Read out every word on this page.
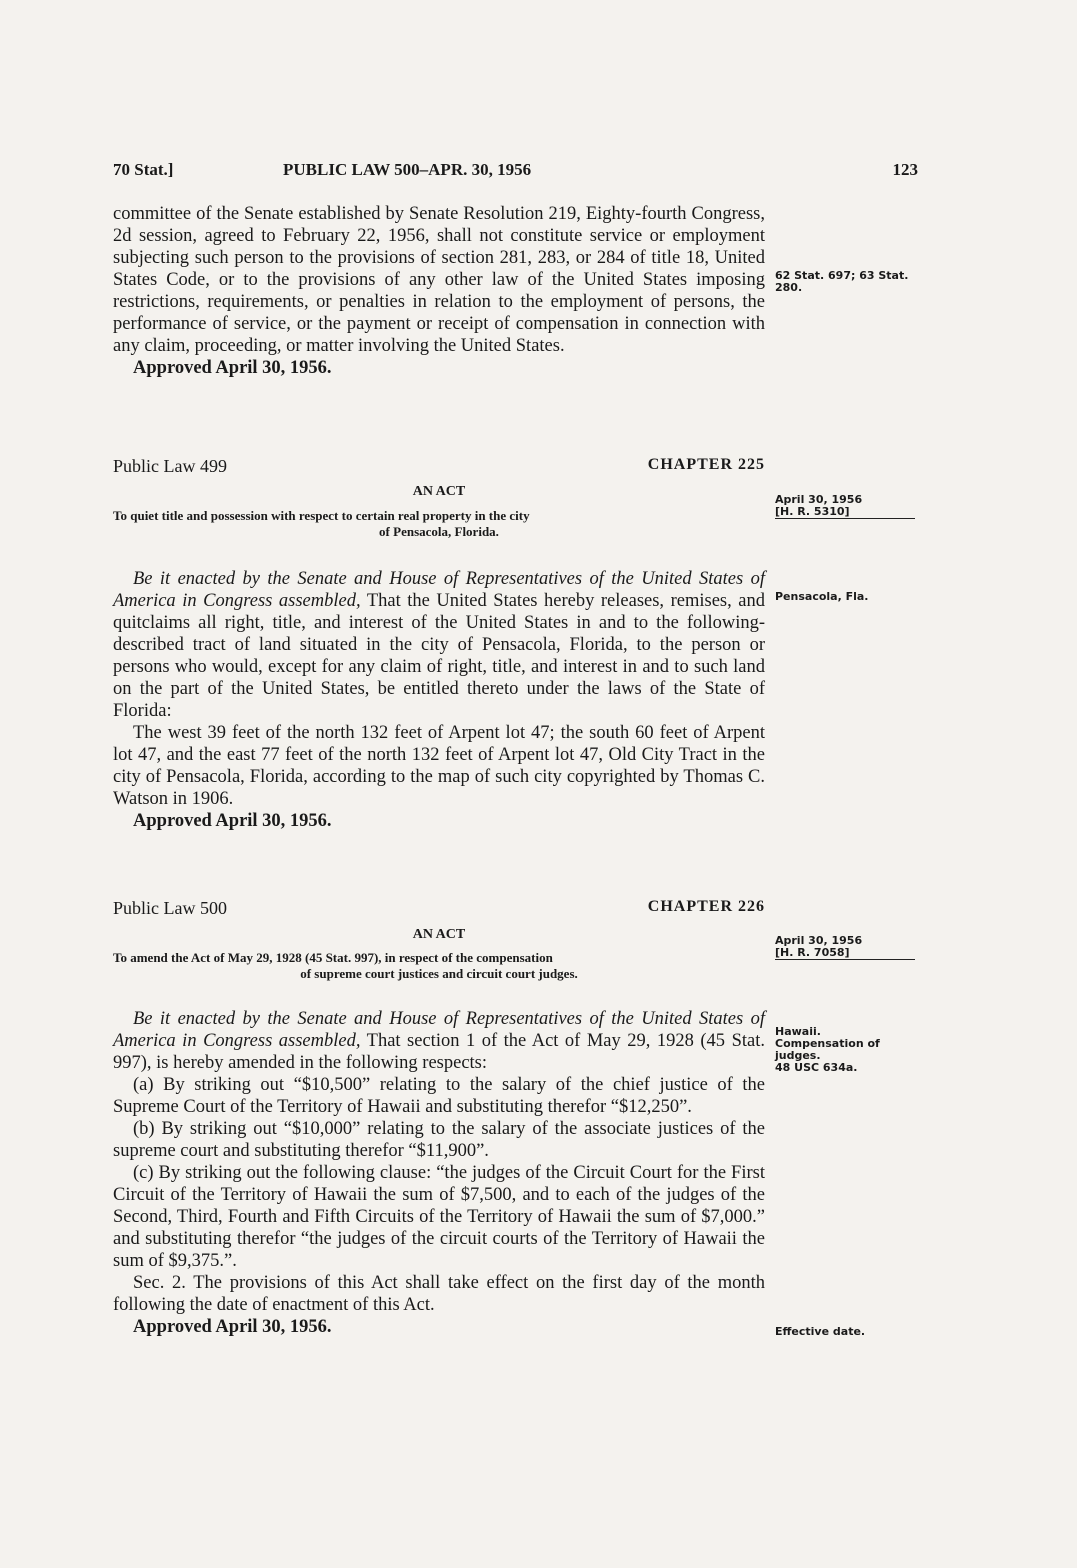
70 Stat.]	PUBLIC LAW 500–APR. 30, 1956	123

committee of the Senate established by Senate Resolution 219, Eighty-fourth Congress, 2d session, agreed to February 22, 1956, shall not constitute service or employment subjecting such person to the provisions of section 281, 283, or 284 of title 18, United States Code, or to the provisions of any other law of the United States imposing restrictions, requirements, or penalties in relation to the employment of persons, the performance of service, or the payment or receipt of compensation in connection with any claim, proceeding, or matter involving the United States.

Approved April 30, 1956.

62 Stat. 697; 63 Stat. 280.
Public Law 499	CHAPTER 225
AN ACT
To quiet title and possession with respect to certain real property in the city
of Pensacola, Florida.
April 30, 1956
[H. R. 5310]

Be it enacted by the Senate and House of Representatives of the United States of America in Congress assembled, That the United States hereby releases, remises, and quitclaims all right, title, and interest of the United States in and to the following-described tract of land situated in the city of Pensacola, Florida, to the person or persons who would, except for any claim of right, title, and interest in and to such land on the part of the United States, be entitled thereto under the laws of the State of Florida:

The west 39 feet of the north 132 feet of Arpent lot 47; the south 60 feet of Arpent lot 47, and the east 77 feet of the north 132 feet of Arpent lot 47, Old City Tract in the city of Pensacola, Florida, according to the map of such city copyrighted by Thomas C. Watson in 1906.

Approved April 30, 1956.

Pensacola, Fla.
Public Law 500	CHAPTER 226
AN ACT
To amend the Act of May 29, 1928 (45 Stat. 997), in respect of the compensation
of supreme court justices and circuit court judges.
April 30, 1956
[H. R. 7058]

Be it enacted by the Senate and House of Representatives of the United States of America in Congress assembled, That section 1 of the Act of May 29, 1928 (45 Stat. 997), is hereby amended in the following respects:

(a) By striking out “$10,500” relating to the salary of the chief justice of the Supreme Court of the Territory of Hawaii and substituting therefor “$12,250”.

(b) By striking out “$10,000” relating to the salary of the associate justices of the supreme court and substituting therefor “$11,900”.

(c) By striking out the following clause: “the judges of the Circuit Court for the First Circuit of the Territory of Hawaii the sum of $7,500, and to each of the judges of the Second, Third, Fourth and Fifth Circuits of the Territory of Hawaii the sum of $7,000.” and substituting therefor “the judges of the circuit courts of the Territory of Hawaii the sum of $9,375.”.

Sec. 2. The provisions of this Act shall take effect on the first day of the month following the date of enactment of this Act.

Approved April 30, 1956.

Hawaii.
Compensation of judges.
48 USC 634a.
Effective date.
